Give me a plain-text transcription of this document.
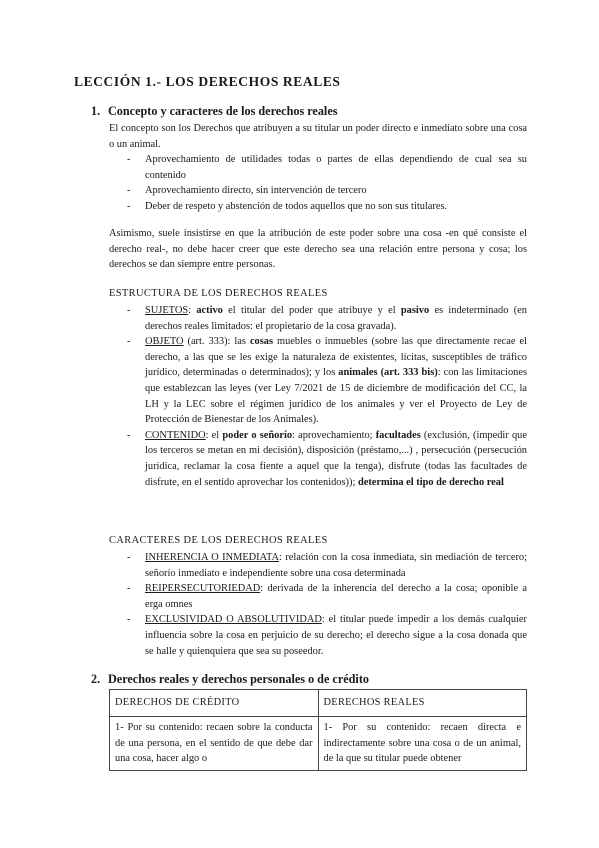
LECCIÓN 1.- LOS DERECHOS REALES
1. Concepto y caracteres de los derechos reales

El concepto son los Derechos que atribuyen a su titular un poder directo e inmediato sobre una cosa o un animal.

- Aprovechamiento de utilidades todas o partes de ellas dependiendo de cual sea su contenido
- Aprovechamiento directo, sin intervención de tercero
- Deber de respeto y abstención de todos aquellos que no son sus titulares.

Asimismo, suele insistirse en que la atribución de este poder sobre una cosa -en qué consiste el derecho real-, no debe hacer creer que este derecho sea una relación entre persona y cosa; los derechos se dan siempre entre personas.

ESTRUCTURA DE LOS DERECHOS REALES

- SUJETOS: activo el titular del poder que atribuye y el pasivo es indeterminado (en derechos reales limitados: el propietario de la cosa gravada).
- OBJETO (art. 333): las cosas muebles o inmuebles (sobre las que directamente recae el derecho, a las que se les exige la naturaleza de existentes, lícitas, susceptibles de tráfico jurídico, determinadas o determinados); y los animales (art. 333 bis): con las limitaciones que establezcan las leyes (ver Ley 7/2021 de 15 de diciembre de modificación del CC, la LH y la LEC sobre el régimen jurídico de los animales y ver el Proyecto de Ley de Protección de Bienestar de los Animales).
- CONTENIDO: el poder o señorío: aprovechamiento; facultades (exclusión, (impedir que los terceros se metan en mi decisión), disposición (préstamo,...) , persecución (persecución jurídica, reclamar la cosa fiente a aquel que la tenga), disfrute (todas las facultades de disfrute, en el sentido aprovechar los contenidos)); determina el tipo de derecho real

CARACTERES DE LOS DERECHOS REALES

- INHERENCIA O INMEDIATA: relación con la cosa inmediata, sin mediación de tercero; señorío inmediato e independiente sobre una cosa determinada
- REIPERSECUTORIEDAD: derivada de la inherencia del derecho a la cosa; oponible a erga omnes
- EXCLUSIVIDAD O ABSOLUTIVIDAD: el titular puede impedir a los demás cualquier influencia sobre la cosa en perjuicio de su derecho; el derecho sigue a la cosa donada que se halle y quienquiera que sea su poseedor.
2. Derechos reales y derechos personales o de crédito
DERECHOS DE CRÉDITO	DERECHOS REALES

1- Por su contenido: recaen sobre la conducta de una persona, en el sentido de que debe dar una cosa, hacer algo o	1- Por su contenido: recaen directa e indirectamente sobre una cosa o de un animal, de la que su titular puede obtener
